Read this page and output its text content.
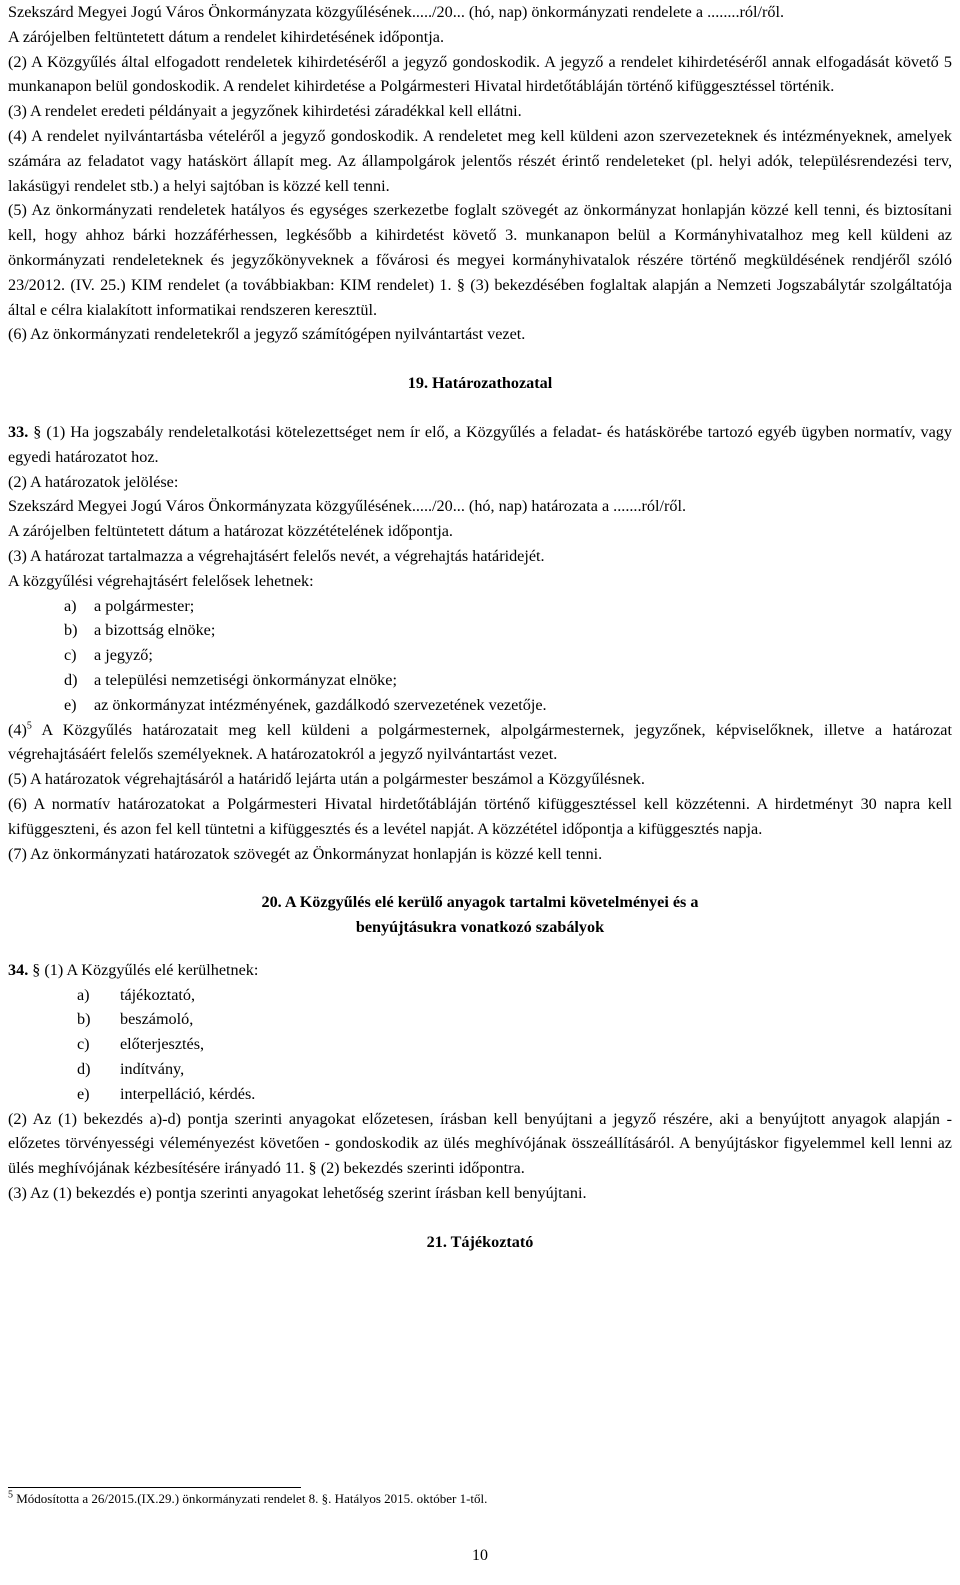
Szekszárd Megyei Jogú Város Önkormányzata közgyűlésének...../20... (hó, nap) önkormányzati rendelete a ........ról/ről.

A zárójelben feltüntetett dátum a rendelet kihirdetésének időpontja.

(2) A Közgyűlés által elfogadott rendeletek kihirdetéséről a jegyző gondoskodik. A jegyző a rendelet kihirdetéséről annak elfogadását követő 5 munkanapon belül gondoskodik. A rendelet kihirdetése a Polgármesteri Hivatal hirdetőtábláján történő kifüggesztéssel történik.

(3) A rendelet eredeti példányait a jegyzőnek kihirdetési záradékkal kell ellátni.

(4) A rendelet nyilvántartásba vételéről a jegyző gondoskodik. A rendeletet meg kell küldeni azon szervezeteknek és intézményeknek, amelyek számára az feladatot vagy hatáskört állapít meg. Az állampolgárok jelentős részét érintő rendeleteket (pl. helyi adók, településrendezési terv, lakásügyi rendelet stb.) a helyi sajtóban is közzé kell tenni.

(5) Az önkormányzati rendeletek hatályos és egységes szerkezetbe foglalt szövegét az önkormányzat honlapján közzé kell tenni, és biztosítani kell, hogy ahhoz bárki hozzáférhessen, legkésőbb a kihirdetést követő 3. munkanapon belül a Kormányhivatalhoz meg kell küldeni az önkormányzati rendeleteknek és jegyzőkönyveknek a fővárosi és megyei kormányhivatalok részére történő megküldésének rendjéről szóló 23/2012. (IV. 25.) KIM rendelet (a továbbiakban: KIM rendelet) 1. § (3) bekezdésében foglaltak alapján a Nemzeti Jogszabálytár szolgáltatója által e célra kialakított informatikai rendszeren keresztül.

(6) Az önkormányzati rendeletekről a jegyző számítógépen nyilvántartást vezet.

19. Határozathozatal

33. § (1) Ha jogszabály rendeletalkotási kötelezettséget nem ír elő, a Közgyűlés a feladat- és hatáskörébe tartozó egyéb ügyben normatív, vagy egyedi határozatot hoz.

(2) A határozatok jelölése:

Szekszárd Megyei Jogú Város Önkormányzata közgyűlésének...../20... (hó, nap) határozata a .......ról/ről.

A zárójelben feltüntetett dátum a határozat közzétételének időpontja.

(3) A határozat tartalmazza a végrehajtásért felelős nevét, a végrehajtás határidejét.

A közgyűlési végrehajtásért felelősek lehetnek:

a) a polgármester;
b) a bizottság elnöke;
c) a jegyző;
d) a települési nemzetiségi önkormányzat elnöke;
e) az önkormányzat intézményének, gazdálkodó szervezetének vezetője.

$(4)^5$ A Közgyűlés határozatait meg kell küldeni a polgármesternek, alpolgármesternek, jegyzőnek, képviselőknek, illetve a határozat végrehajtásáért felelős személyeknek. A határozatokról a jegyző nyilvántartást vezet.

(5) A határozatok végrehajtásáról a határidő lejárta után a polgármester beszámol a Közgyűlésnek.

(6) A normatív határozatokat a Polgármesteri Hivatal hirdetőtábláján történő kifüggesztéssel kell közzétenni. A hirdetményt 30 napra kell kifüggeszteni, és azon fel kell tüntetni a kifüggesztés és a levétel napját. A közzététel időpontja a kifüggesztés napja.

(7) Az önkormányzati határozatok szövegét az Önkormányzat honlapján is közzé kell tenni.

20. A Közgyűlés elé kerülő anyagok tartalmi követelményei és a

benyújtásukra vonatkozó szabályok

34. § (1) A Közgyűlés elé kerülhetnek:

a) tájékoztató,
b) beszámoló,
c) előterjesztés,
d) indítvány,
e) interpelláció, kérdés.

(2) Az (1) bekezdés a)-d) pontja szerinti anyagokat előzetesen, írásban kell benyújtani a jegyző részére, aki a benyújtott anyagok alapján - előzetes törvényességi véleményezést követően - gondoskodik az ülés meghívójának összeállításáról. A benyújtáskor figyelemmel kell lenni az ülés meghívójának kézbesítésére irányadó 11. § (2) bekezdés szerinti időpontra.

(3) Az (1) bekezdés e) pontja szerinti anyagokat lehetőség szerint írásban kell benyújtani.

21. Tájékoztató

$^5$ Módosította a 26/2015.(IX.29.) önkormányzati rendelet 8. §. Hatályos 2015. október 1-től.

10
